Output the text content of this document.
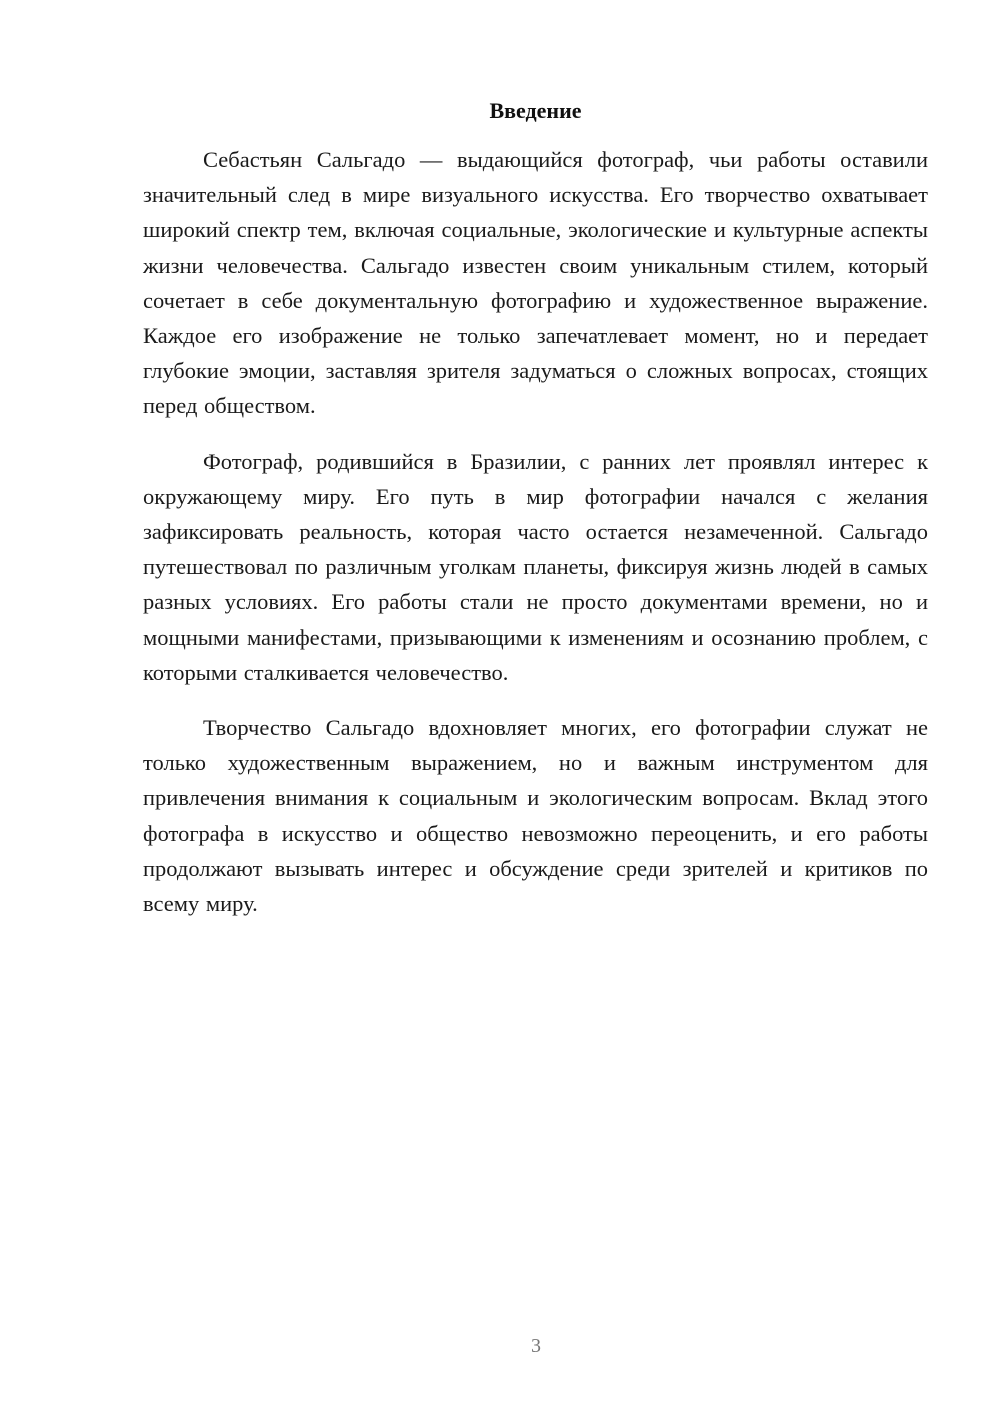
Введение

Себастьян Сальгадо — выдающийся фотограф, чьи работы оставили значительный след в мире визуального искусства. Его творчество охватывает широкий спектр тем, включая социальные, экологические и культурные аспекты жизни человечества. Сальгадо известен своим уникальным стилем, который сочетает в себе документальную фотографию и художественное выражение. Каждое его изображение не только запечатлевает момент, но и передает глубокие эмоции, заставляя зрителя задуматься о сложных вопросах, стоящих перед обществом.

Фотограф, родившийся в Бразилии, с ранних лет проявлял интерес к окружающему миру. Его путь в мир фотографии начался с желания зафиксировать реальность, которая часто остается незамеченной. Сальгадо путешествовал по различным уголкам планеты, фиксируя жизнь людей в самых разных условиях. Его работы стали не просто документами времени, но и мощными манифестами, призывающими к изменениям и осознанию проблем, с которыми сталкивается человечество.

Творчество Сальгадо вдохновляет многих, его фотографии служат не только художественным выражением, но и важным инструментом для привлечения внимания к социальным и экологическим вопросам. Вклад этого фотографа в искусство и общество невозможно переоценить, и его работы продолжают вызывать интерес и обсуждение среди зрителей и критиков по всему миру.

3
